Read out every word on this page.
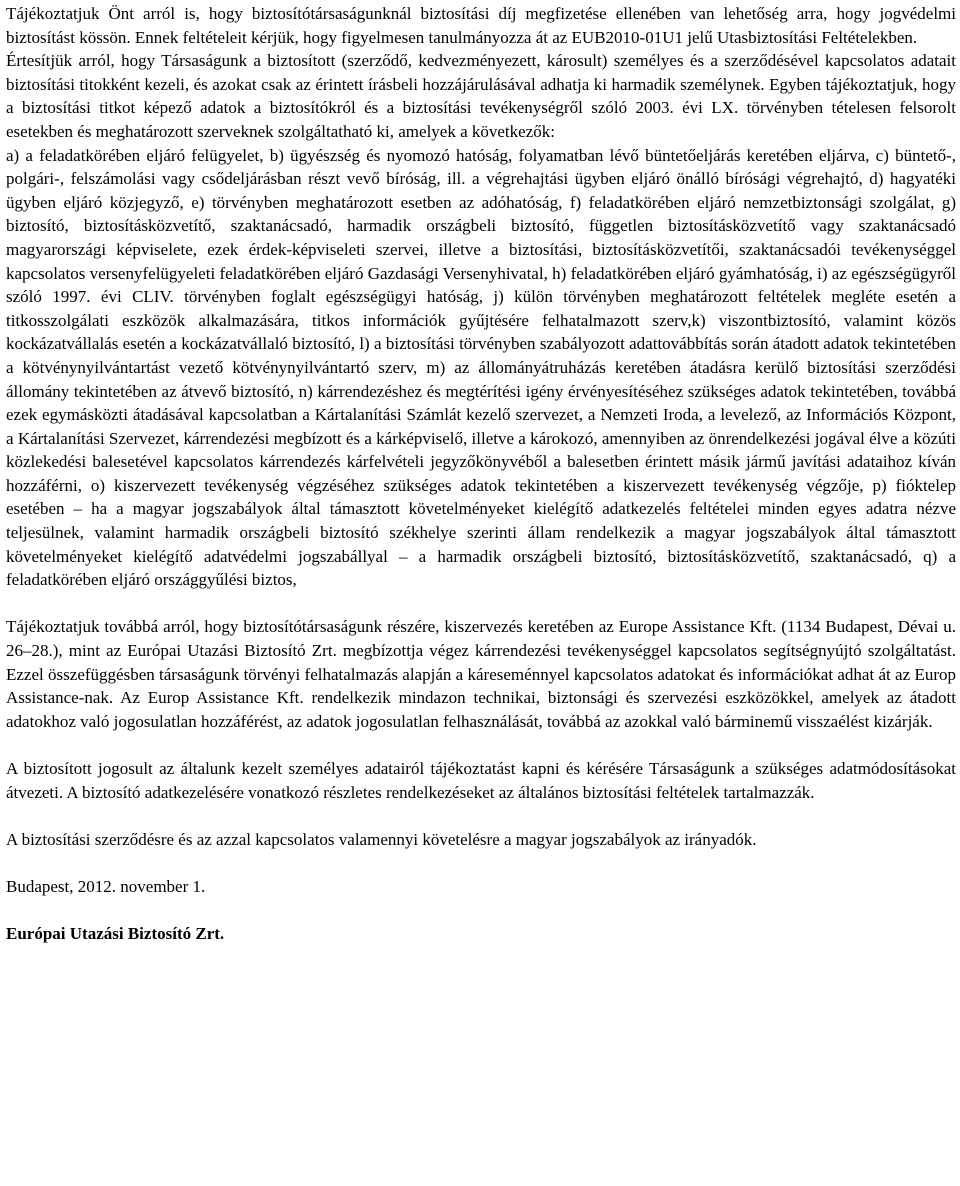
Tájékoztatjuk Önt arról is, hogy biztosítótársaságunknál biztosítási díj megfizetése ellenében van lehetőség arra, hogy jogvédelmi biztosítást kössön. Ennek feltételeit kérjük, hogy figyelmesen tanulmányozza át az EUB2010-01U1 jelű Utasbiztosítási Feltételekben.

Értesítjük arról, hogy Társaságunk a biztosított (szerződő, kedvezményezett, károsult) személyes és a szerződésével kapcsolatos adatait biztosítási titokként kezeli, és azokat csak az érintett írásbeli hozzájárulásával adhatja ki harmadik személynek. Egyben tájékoztatjuk, hogy a biztosítási titkot képező adatok a biztosítókról és a biztosítási tevékenységről szóló 2003. évi LX. törvényben tételesen felsorolt esetekben és meghatározott szerveknek szolgáltatható ki, amelyek a következők:

a) a feladatkörében eljáró felügyelet, b) ügyészség és nyomozó hatóság, folyamatban lévő büntetőeljárás keretében eljárva, c) büntető-, polgári-, felszámolási vagy csődeljárásban részt vevő bíróság, ill. a végrehajtási ügyben eljáró önálló bírósági végrehajtó, d) hagyatéki ügyben eljáró közjegyző, e) törvényben meghatározott esetben az adóhatóság, f) feladatkörében eljáró nemzetbiztonsági szolgálat, g) biztosító, biztosításközvetítő, szaktanácsadó, harmadik országbeli biztosító, független biztosításközvetítő vagy szaktanácsadó magyarországi képviselete, ezek érdek-képviseleti szervei, illetve a biztosítási, biztosításközvetítői, szaktanácsadói tevékenységgel kapcsolatos versenyfelügyeleti feladatkörében eljáró Gazdasági Versenyhivatal, h) feladatkörében eljáró gyámhatóság, i) az egészségügyről szóló 1997. évi CLIV. törvényben foglalt egészségügyi hatóság, j) külön törvényben meghatározott feltételek megléte esetén a titkosszolgálati eszközök alkalmazására, titkos információk gyűjtésére felhatalmazott szerv,k) viszontbiztosító, valamint közös kockázatvállalás esetén a kockázatvállaló biztosító, l) a biztosítási törvényben szabályozott adattovábbítás során átadott adatok tekintetében a kötvénynyilvántartást vezető kötvénynyilvántartó szerv, m) az állományátruházás keretében átadásra kerülő biztosítási szerződési állomány tekintetében az átvevő biztosító, n) kárrendezéshez és megtérítési igény érvényesítéséhez szükséges adatok tekintetében, továbbá ezek egymásközti átadásával kapcsolatban a Kártalanítási Számlát kezelő szervezet, a Nemzeti Iroda, a levelező, az Információs Központ, a Kártalanítási Szervezet, kárrendezési megbízott és a kárképviselő, illetve a károkozó, amennyiben az önrendelkezési jogával élve a közúti közlekedési balesetével kapcsolatos kárrendezés kárfelvételi jegyzőkönyvéből a balesetben érintett másik jármű javítási adataihoz kíván hozzáférni, o) kiszervezett tevékenység végzéséhez szükséges adatok tekintetében a kiszervezett tevékenység végzője, p) fióktelep esetében – ha a magyar jogszabályok által támasztott követelményeket kielégítő adatkezelés feltételei minden egyes adatra nézve teljesülnek, valamint harmadik országbeli biztosító székhelye szerinti állam rendelkezik a magyar jogszabályok által támasztott követelményeket kielégítő adatvédelmi jogszabállyal – a harmadik országbeli biztosító, biztosításközvetítő, szaktanácsadó, q) a feladatkörében eljáró országgyűlési biztos,

Tájékoztatjuk továbbá arról, hogy biztosítótársaságunk részére, kiszervezés keretében az Europe Assistance Kft. (1134 Budapest, Dévai u. 26–28.), mint az Európai Utazási Biztosító Zrt. megbízottja végez kárrendezési tevékenységgel kapcsolatos segítségnyújtó szolgáltatást. Ezzel összefüggésben társaságunk törvényi felhatalmazás alapján a káreseménnyel kapcsolatos adatokat és információkat adhat át az Europ Assistance-nak. Az Europ Assistance Kft. rendelkezik mindazon technikai, biztonsági és szervezési eszközökkel, amelyek az átadott adatokhoz való jogosulatlan hozzáférést, az adatok jogosulatlan felhasználását, továbbá az azokkal való bárminemű visszaélést kizárják.

A biztosított jogosult az általunk kezelt személyes adatairól tájékoztatást kapni és kérésére Társaságunk a szükséges adatmódosításokat átvezeti. A biztosító adatkezelésére vonatkozó részletes rendelkezéseket az általános biztosítási feltételek tartalmazzák.

A biztosítási szerződésre és az azzal kapcsolatos valamennyi követelésre a magyar jogszabályok az irányadók.

Budapest, 2012. november 1.

Európai Utazási Biztosító Zrt.
